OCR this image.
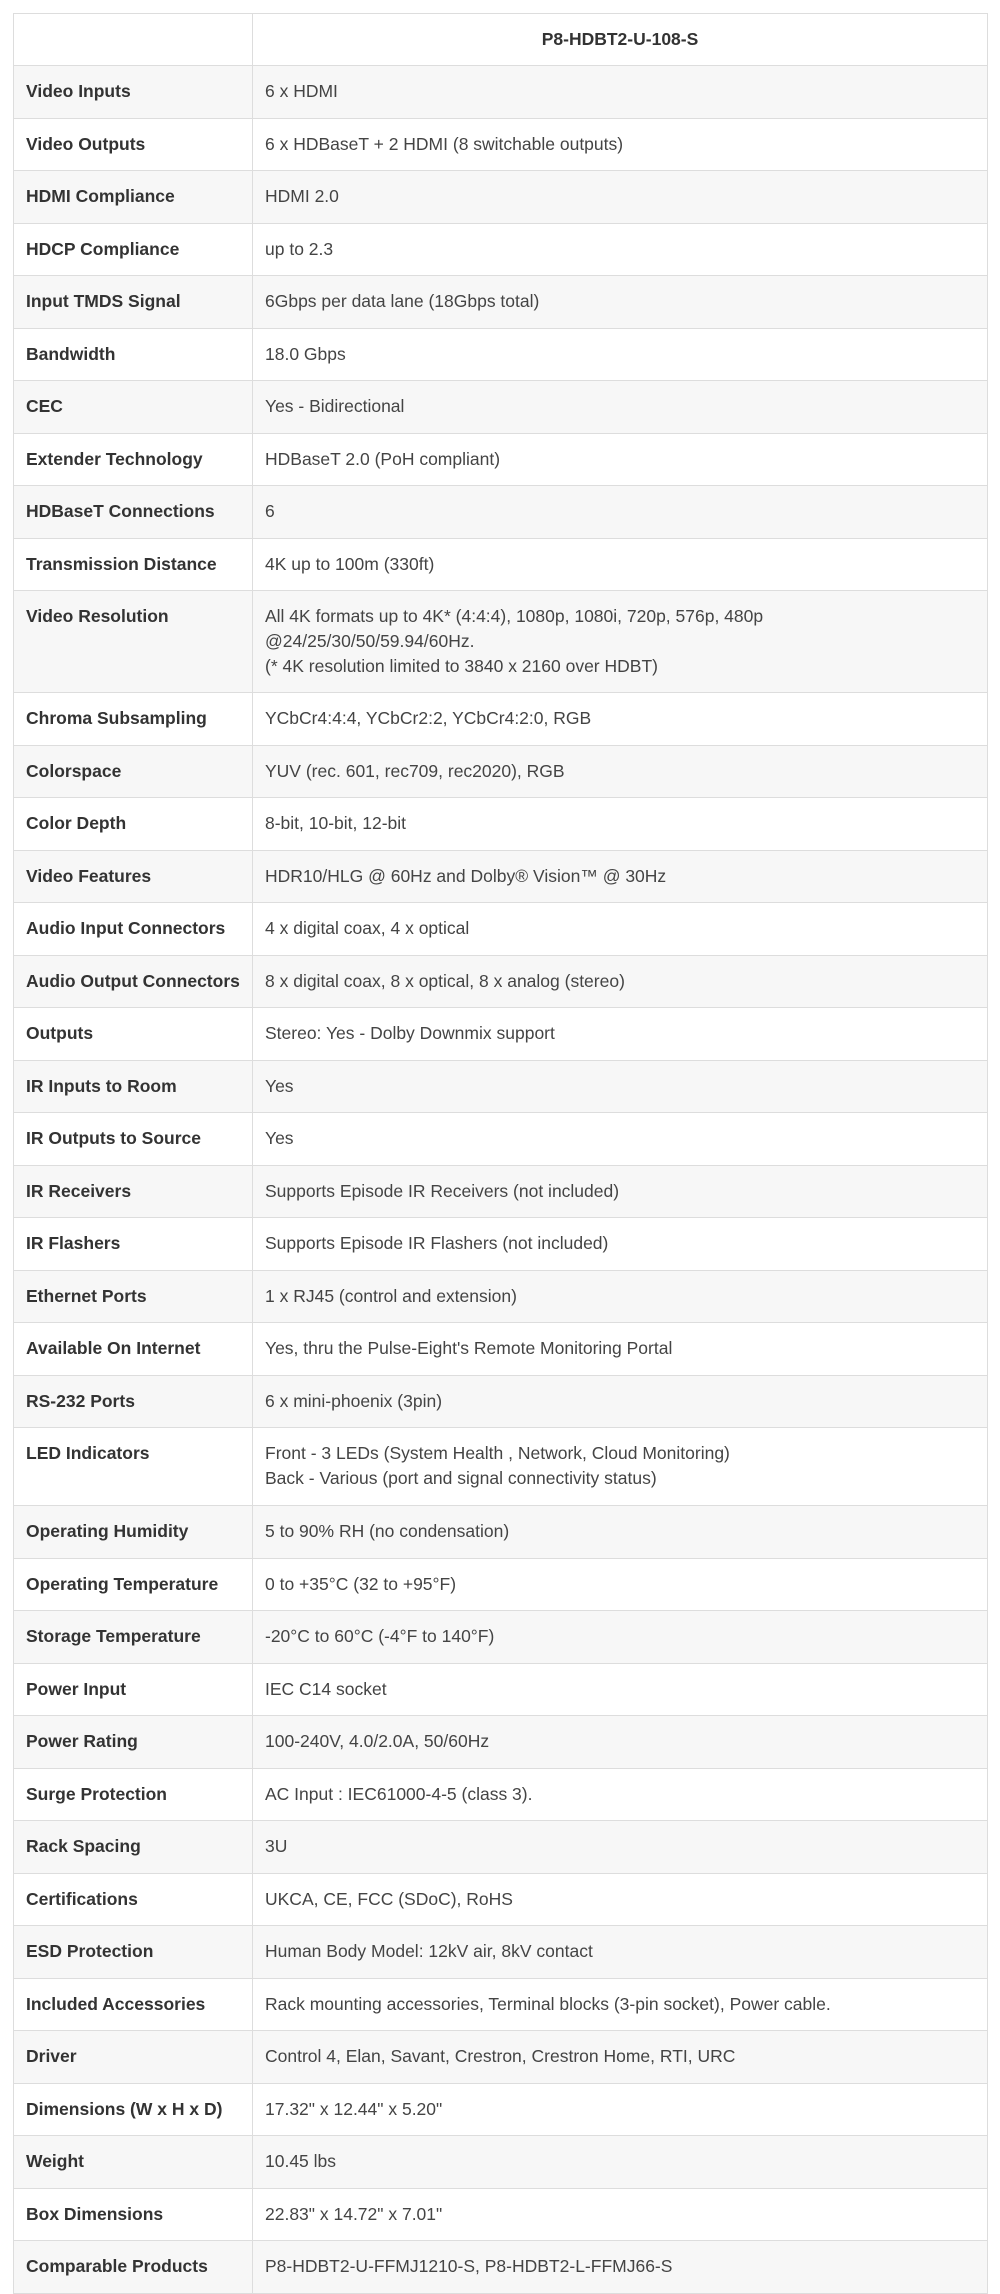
	P8-HDBT2-U-108-S
Video Inputs	6 x HDMI

Video Outputs	6 x HDBaseT + 2 HDMI (8 switchable outputs)

HDMI Compliance	HDMI 2.0

HDCP Compliance	up to 2.3

Input TMDS Signal	6Gbps per data lane (18Gbps total)

Bandwidth	18.0 Gbps

CEC	Yes - Bidirectional

Extender Technology	HDBaseT 2.0 (PoH compliant)

HDBaseT Connections	6

Transmission Distance	4K up to 100m (330ft)

Video Resolution	All 4K formats up to 4K* (4:4:4), 1080p, 1080i, 720p, 576p, 480p @24/25/30/50/59.94/60Hz.
(* 4K resolution limited to 3840 x 2160 over HDBT)

Chroma Subsampling	YCbCr4:4:4, YCbCr2:2, YCbCr4:2:0, RGB

Colorspace	YUV (rec. 601, rec709, rec2020), RGB

Color Depth	8-bit, 10-bit, 12-bit

Video Features	HDR10/HLG @ 60Hz and Dolby® Vision™ @ 30Hz

Audio Input Connectors	4 x digital coax, 4 x optical

Audio Output Connectors	8 x digital coax, 8 x optical, 8 x analog (stereo)

Outputs	Stereo: Yes - Dolby Downmix support

IR Inputs to Room	Yes

IR Outputs to Source	Yes

IR Receivers	Supports Episode IR Receivers (not included)

IR Flashers	Supports Episode IR Flashers (not included)

Ethernet Ports	1 x RJ45 (control and extension)

Available On Internet	Yes, thru the Pulse-Eight's Remote Monitoring Portal

RS-232 Ports	6 x mini-phoenix (3pin)

LED Indicators	Front - 3 LEDs (System Health , Network, Cloud Monitoring)
Back - Various (port and signal connectivity status)

Operating Humidity	5 to 90% RH (no condensation)

Operating Temperature	0 to +35°C (32 to +95°F)

Storage Temperature	-20°C to 60°C (-4°F to 140°F)

Power Input	IEC C14 socket

Power Rating	100-240V, 4.0/2.0A, 50/60Hz

Surge Protection	AC Input : IEC61000-4-5 (class 3).

Rack Spacing	3U

Certifications	UKCA, CE, FCC (SDoC), RoHS

ESD Protection	Human Body Model: 12kV air, 8kV contact

Included Accessories	Rack mounting accessories, Terminal blocks (3-pin socket), Power cable.

Driver	Control 4, Elan, Savant, Crestron, Crestron Home, RTI, URC

Dimensions (W x H x D)	17.32" x 12.44" x 5.20"

Weight	10.45 lbs

Box Dimensions	22.83" x 14.72" x 7.01"

Comparable Products	P8-HDBT2-U-FFMJ1210-S, P8-HDBT2-L-FFMJ66-S
